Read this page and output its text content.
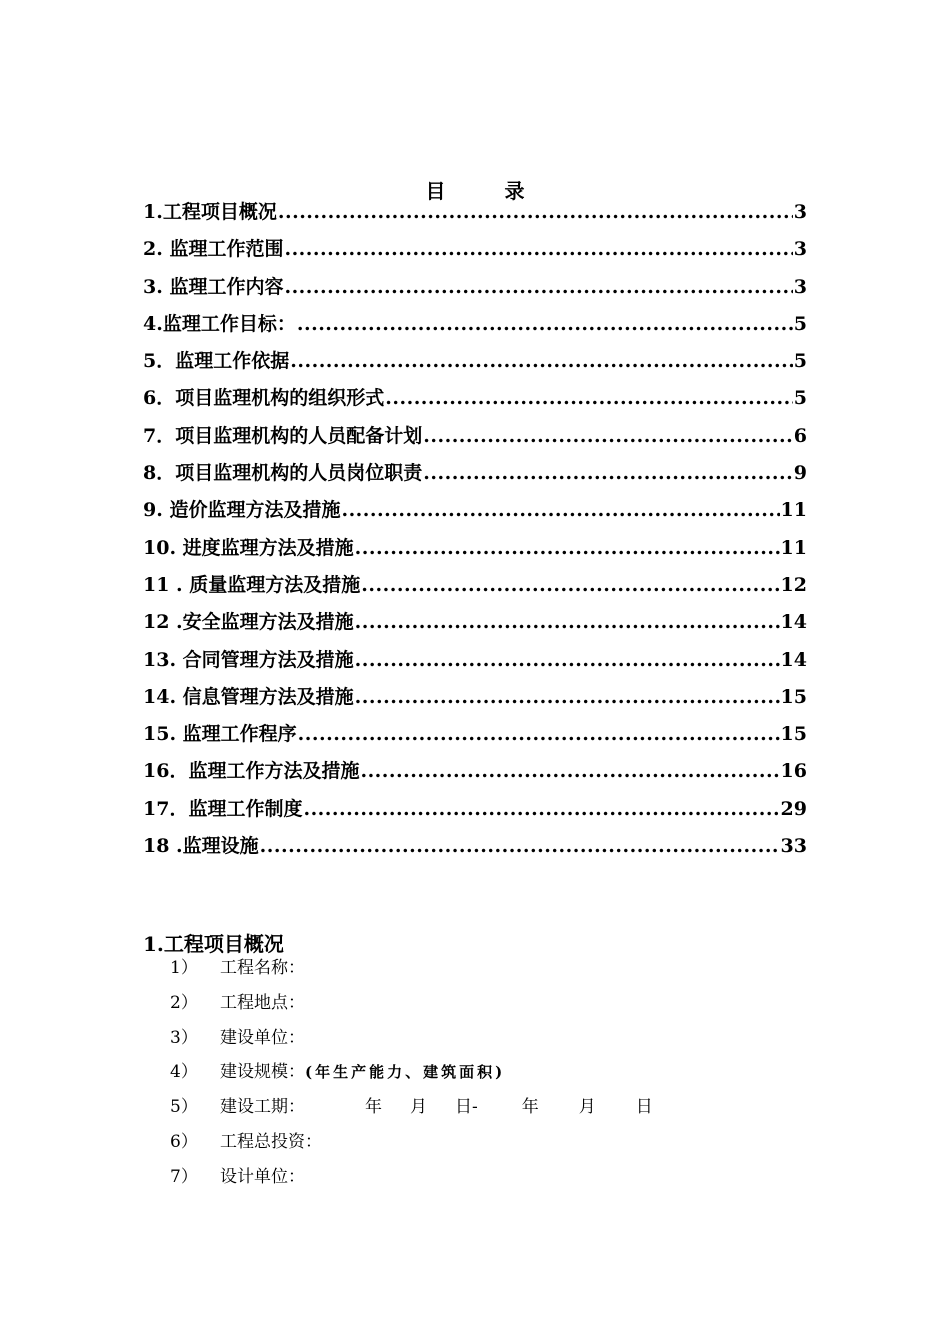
目 录
1.工程项目概况 .....	3
2. 监理工作范围 .....	3
3. 监理工作内容 .....	3
4.监理工作目标： .....	5
5．监理工作依据 .....	5
6．项目监理机构的组织形式 .....	5
7．项目监理机构的人员配备计划 .....	6
8．项目监理机构的人员岗位职责 .....	9
9. 造价监理方法及措施 .....	11
10. 进度监理方法及措施 .....	11
11 . 质量监理方法及措施 .....	12
12 .安全监理方法及措施 .....	14
13. 合同管理方法及措施 .....	14
14. 信息管理方法及措施 .....	15
15. 监理工作程序 .....	15
16．监理工作方法及措施 .....	16
17．监理工作制度 .....	29
18 .监理设施 .....	33
1.工程项目概况
1）	工程名称：
2）	工程地点：
3）	建设单位：
4）	建设规模：(年生产能力、建筑面积)
5）	建设工期：	年 月 日-	年 月 日
6）	工程总投资：
7）	设计单位：
